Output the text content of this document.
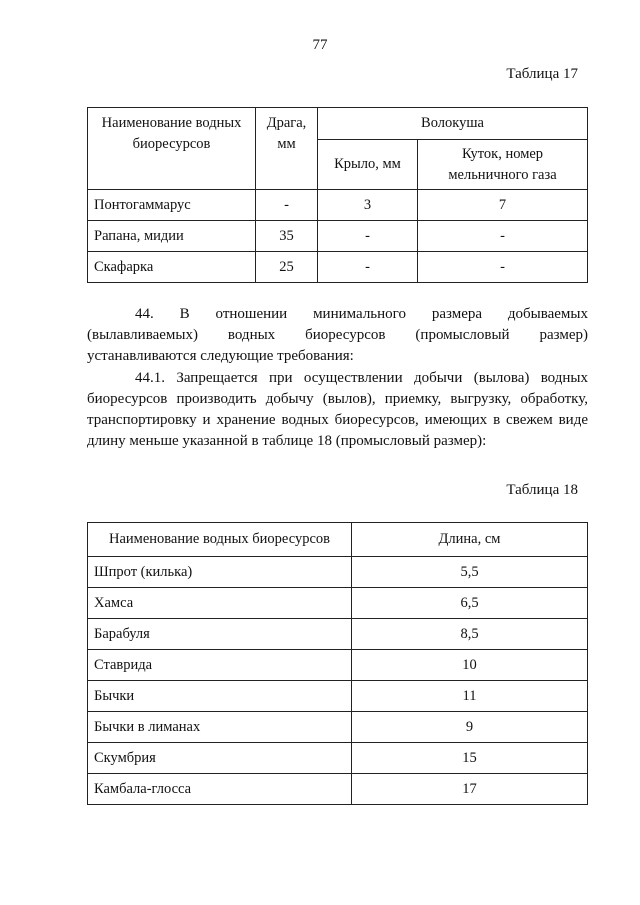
77
Таблица 17
Наименование водных биоресурсов	Драга, мм	Волокуша	
		Крыло, мм	Куток, номер мельничного газа
Понтогаммарус	-	3	7
Рапана, мидии	35	-	-
Скафарка	25	-	-
44. В отношении минимального размера добываемых
(вылавливаемых) водных биоресурсов (промысловый размер)
устанавливаются следующие требования:
44.1. Запрещается при осуществлении добычи (вылова) водных биоресурсов производить добычу (вылов), приемку, выгрузку, обработку, транспортировку и хранение водных биоресурсов, имеющих в свежем виде длину меньше указанной в таблице 18 (промысловый размер):
Таблица 18
Наименование водных биоресурсов	Длина, см
Шпрот (килька)	5,5
Хамса	6,5
Барабуля	8,5
Ставрида	10
Бычки	11
Бычки в лиманах	9
Скумбрия	15
Камбала-глосса	17
